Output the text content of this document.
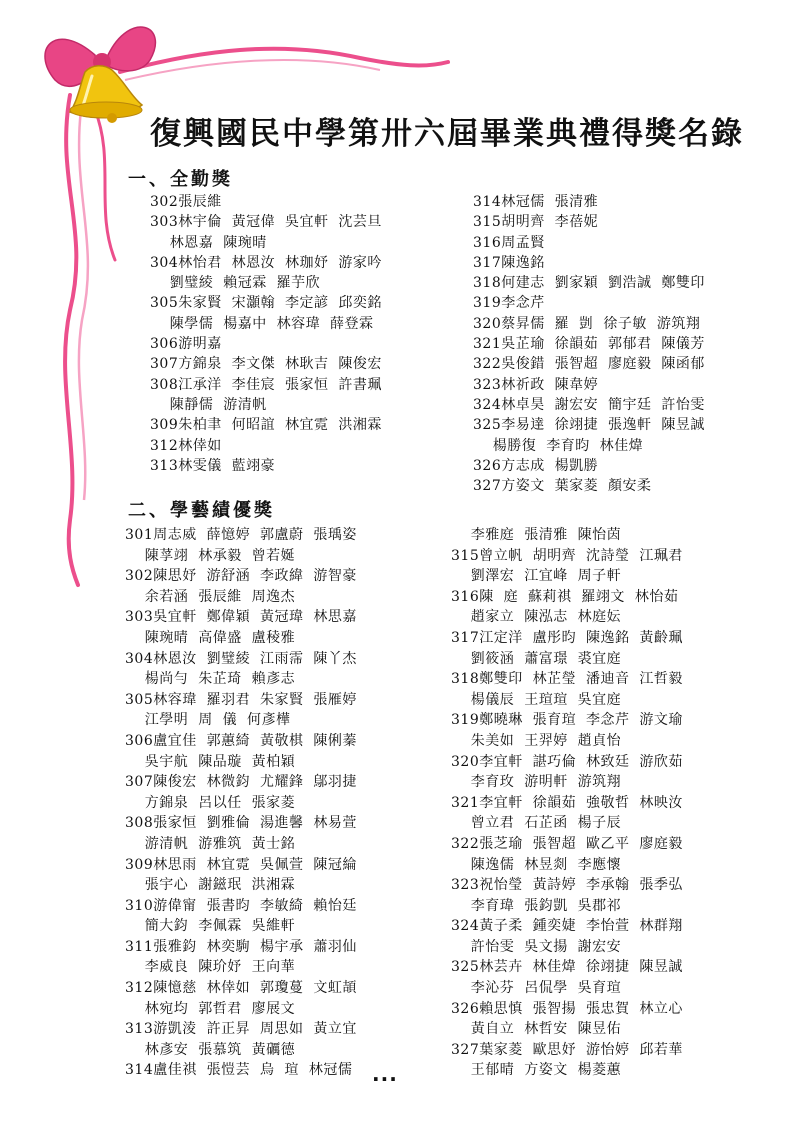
復興國民中學第卅六屆畢業典禮得獎名錄
一、全勤獎
302張辰維
303林宇倫  黃冠偉  吳宜軒  沈芸旦
林恩嘉  陳琬晴
304林怡君  林恩汝  林珈妤  游家吟
劉璧綾  賴冠霖  羅芋欣
305朱家賢  宋灝翰  李定諺  邱奕銘
陳學儒  楊嘉中  林容瑋  薛登霖
306游明嘉
307方錦泉  李文傑  林耿吉  陳俊宏
308江承洋  李佳宸  張家恒  許書珮
陳靜儒  游清帆
309朱柏聿  何昭誼  林宜霓  洪湘霖
312林倖如
313林雯儀  藍翊豪
314林冠儒  張清雅
315胡明齊  李蓓妮
316周孟賢
317陳逸銘
318何建志  劉家穎  劉浩誠  鄭雙印
319李念芹
320蔡昇儒  羅  剴  徐子敏  游筑翔
321吳芷瑜  徐韻茹  郭郁君  陳儀芳
322吳俊錯  張智超  廖庭毅  陳函郁
323林祈政  陳韋婷
324林卓昊  謝宏安  簡宇廷  許怡雯
325李易達  徐翊捷  張逸軒  陳昱誠
楊勝復  李育昀  林佳煒
326方志成  楊凱勝
327方姿文  葉家菱  顏安柔
二、學藝績優獎
301周志威  薛憶婷  郭盧蔚  張瑀姿
陳莩翊  林承毅  曾若娫
302陳思妤  游舒涵  李政緯  游智豪
余若涵  張辰維  周逸杰
303吳宜軒  鄭偉穎  黃冠瑋  林思嘉
陳琬晴  高偉盛  盧稜雅
304林恩汝  劉璧綾  江雨霈  陳丫杰
楊尚勻  朱芷琦  賴彥志
305林容瑋  羅羽君  朱家賢  張雁婷
江學明  周  儀  何彥樺
306盧宜佳  郭蕙綺  黃敬棋  陳俐蓁
吳宇航  陳品璇  黃柏穎
307陳俊宏  林微鈞  尤耀鋒  鄔羽捷
方錦泉  呂以任  張家菱
308張家恒  劉雅倫  湯進馨  林易萱
游清帆  游雅筑  黃士銘
309林思雨  林宜霓  吳佩萱  陳冠綸
張宇心  謝鎡珉  洪湘霖
310游偉甯  張書昀  李敏綺  賴怡廷
簡大鈞  李佩霖  吳維軒
311張雅鈞  林奕駒  楊宇承  蕭羽仙
李威良  陳玠妤  王向華
312陳憶慈  林倖如  郭瓊蔓  文虹頡
林宛均  郭哲君  廖展文
313游凱淩  許正昇  周思如  黃立宜
林彥安  張慕筑  黃礪德
314盧佳祺  張愷芸  烏  瑄  林冠儒
李雅庭  張清雅  陳怡茵
315曾立帆  胡明齊  沈詩瑩  江珮君
劉澤宏  江宜峰  周子軒
316陳  庭  蘇莉祺  羅翊文  林怡茹
趙家立  陳泓志  林庭妘
317江定洋  盧彤昀  陳逸銘  黃齡珮
劉筱涵  蕭富璟  裘宜庭
318鄭雙印  林芷瑩  潘迪音  江哲毅
楊儀辰  王瑄瑄  吳宜庭
319鄭曉琳  張育瑄  李念芹  游文瑜
朱美如  王羿婷  趙貞怡
320李宜軒  諶巧倫  林致廷  游欣茹
李育玫  游明軒  游筑翔
321李宜軒  徐韻茹  強敬哲  林映汝
曾立君  石芷函  楊子辰
322張芝瑜  張智超  歐乙平  廖庭毅
陳逸儒  林昱剡  李應懷
323祝怡瑩  黃詩婷  李承翰  張季弘
李育瑋  張鈞凱  吳郡祁
324黃子柔  鍾奕婕  李怡萱  林群翔
許怡雯  吳文揚  謝宏安
325林芸卉  林佳煒  徐翊捷  陳昱誠
李沁芬  呂侃學  吳育瑄
326賴思慎  張智揚  張忠賀  林立心
黃自立  林哲安  陳昱佑
327葉家菱  歐思妤  游怡婷  邱若華
王郁晴  方姿文  楊菱蕙
...
